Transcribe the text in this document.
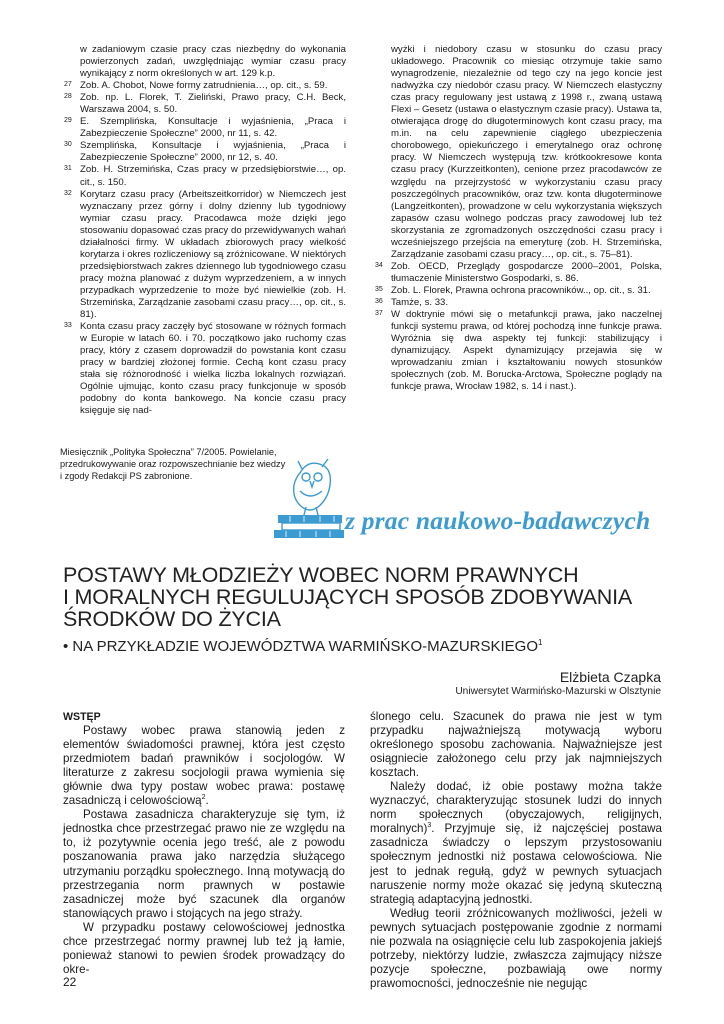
w zadaniowym czasie pracy czas niezbędny do wykonania powierzonych zadań, uwzględniając wymiar czasu pracy wynikający z norm określonych w art. 129 k.p.

27 Zob. A. Chobot, Nowe formy zatrudnienia…, op. cit., s. 59.

28 Zob. np. L. Florek, T. Zieliński, Prawo pracy, C.H. Beck, Warszawa 2004, s. 50.

29 E. Szemplińska, Konsultacje i wyjaśnienia, „Praca i Zabezpieczenie Społeczne” 2000, nr 11, s. 42.

30 Szemplińska, Konsultacje i wyjaśnienia, „Praca i Zabezpieczenie Społeczne” 2000, nr 12, s. 40.

31 Zob. H. Strzemińska, Czas pracy w przedsiębiorstwie…, op. cit., s. 150.

32 Korytarz czasu pracy (Arbeitszeitkorridor) w Niemczech jest wyznaczany przez górny i dolny dzienny lub tygodniowy wymiar czasu pracy. Pracodawca może dzięki jego stosowaniu dopasować czas pracy do przewidywanych wahań działalności firmy. W układach zbiorowych pracy wielkość korytarza i okres rozliczeniowy są zróżnicowane. W niektórych przedsiębiorstwach zakres dziennego lub tygodniowego czasu pracy można planować z dużym wyprzedzeniem, a w innych przypadkach wyprzedzenie to może być niewielkie (zob. H. Strzemińska, Zarządzanie zasobami czasu pracy…, op. cit., s. 81).

33 Konta czasu pracy zaczęły być stosowane w różnych formach w Europie w latach 60. i 70. początkowo jako ruchomy czas pracy, który z czasem doprowadził do powstania kont czasu pracy w bardziej złożonej formie. Cechą kont czasu pracy stała się różnorodność i wielka liczba lokalnych rozwiązań. Ogólnie ujmując, konto czasu pracy funkcjonuje w sposób podobny do konta bankowego. Na koncie czasu pracy księguje się nad-

wyżki i niedobory czasu w stosunku do czasu pracy układowego. Pracownik co miesiąc otrzymuje takie samo wynagrodzenie, niezależnie od tego czy na jego koncie jest nadwyżka czy niedobór czasu pracy. W Niemczech elastyczny czas pracy regulowany jest ustawą z 1998 r., zwaną ustawą Flexi – Gesetz (ustawa o elastycznym czasie pracy). Ustawa ta, otwierająca drogę do długoterminowych kont czasu pracy, ma m.in. na celu zapewnienie ciągłego ubezpieczenia chorobowego, opiekuńczego i emerytalnego oraz ochronę pracy. W Niemczech występują tzw. krótkookresowe konta czasu pracy (Kurzzeitkonten), cenione przez pracodawców ze względu na przejrzystość w wykorzystaniu czasu pracy poszczególnych pracowników, oraz tzw. konta długoterminowe (Langzeitkonten), prowadzone w celu wykorzystania większych zapasów czasu wolnego podczas pracy zawodowej lub też skorzystania ze zgromadzonych oszczędności czasu pracy i wcześniejszego przejścia na emeryturę (zob. H. Strzemińska, Zarządzanie zasobami czasu pracy…, op. cit., s. 75–81).

34 Zob. OECD, Przeglądy gospodarcze 2000–2001, Polska, tłumaczenie Ministerstwo Gospodarki, s. 86.

35 Zob. L. Florek, Prawna ochrona pracowników.., op. cit., s. 31.

36 Tamże, s. 33.

37 W doktrynie mówi się o metafunkcji prawa, jako naczelnej funkcji systemu prawa, od której pochodzą inne funkcje prawa. Wyróżnia się dwa aspekty tej funkcji: stabilizujący i dynamizujący. Aspekt dynamizujący przejawia się w wprowadzaniu zmian i kształtowaniu nowych stosunków społecznych (zob. M. Borucka-Arctowa, Społeczne poglądy na funkcje prawa, Wrocław 1982, s. 14 i nast.).

Miesięcznik „Polityka Społeczna” 7/2005. Powielanie,
przedrukowywanie oraz rozpowszechnianie bez wiedzy
i zgody Redakcji PS zabronione.
z prac naukowo-badawczych
POSTAWY MŁODZIEŻY WOBEC NORM PRAWNYCH
I MORALNYCH REGULUJĄCYCH SPOSÓB ZDOBYWANIA
ŚRODKÓW DO ŻYCIA
• NA PRZYKŁADZIE WOJEWÓDZTWA WARMIŃSKO-MAZURSKIEGO$^1$
Elżbieta Czapka
Uniwersytet Warmińsko-Mazurski w Olsztynie

WSTĘP

Postawy wobec prawa stanowią jeden z elementów świadomości prawnej, która jest często przedmiotem badań prawników i socjologów. W literaturze z zakresu socjologii prawa wymienia się głównie dwa typy postaw wobec prawa: postawę zasadniczą i celowościową$^2$.

Postawa zasadnicza charakteryzuje się tym, iż jednostka chce przestrzegać prawo nie ze względu na to, iż pozytywnie ocenia jego treść, ale z powodu poszanowania prawa jako narzędzia służącego utrzymaniu porządku społecznego. Inną motywacją do przestrzegania norm prawnych w postawie zasadniczej może być szacunek dla organów stanowiących prawo i stojących na jego straży.

W przypadku postawy celowościowej jednostka chce przestrzegać normy prawnej lub też ją łamie, ponieważ stanowi to pewien środek prowadzący do okre-

ślonego celu. Szacunek do prawa nie jest w tym przypadku najważniejszą motywacją wyboru określonego sposobu zachowania. Najważniejsze jest osiągniecie założonego celu przy jak najmniejszych kosztach.

Należy dodać, iż obie postawy można także wyznaczyć, charakteryzując stosunek ludzi do innych norm społecznych (obyczajowych, religijnych, moralnych)$^3$. Przyjmuje się, iż najczęściej postawa zasadnicza świadczy o lepszym przystosowaniu społecznym jednostki niż postawa celowościowa. Nie jest to jednak regułą, gdyż w pewnych sytuacjach naruszenie normy może okazać się jedyną skuteczną strategią adaptacyjną jednostki.

Według teorii zróżnicowanych możliwości, jeżeli w pewnych sytuacjach postępowanie zgodnie z normami nie pozwala na osiągnięcie celu lub zaspokojenia jakiejś potrzeby, niektórzy ludzie, zwłaszcza zajmujący niższe pozycje społeczne, pozbawiają owe normy prawomocności, jednocześnie nie negując

22
